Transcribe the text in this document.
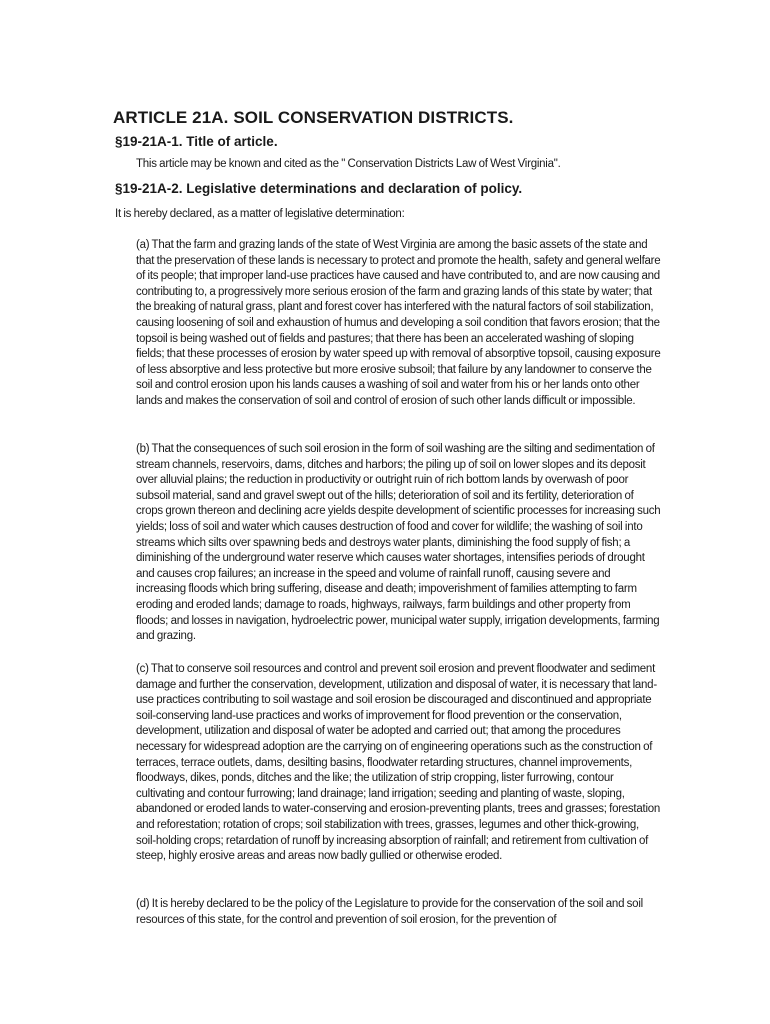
ARTICLE 21A. SOIL CONSERVATION DISTRICTS.
§19-21A-1. Title of article.

This article may be known and cited as the " Conservation Districts Law of West Virginia".

§19-21A-2. Legislative determinations and declaration of policy.

It is hereby declared, as a matter of legislative determination:

(a) That the farm and grazing lands of the state of West Virginia are among the basic assets of the state and that the preservation of these lands is necessary to protect and promote the health, safety and general welfare of its people; that improper land-use practices have caused and have contributed to, and are now causing and contributing to, a progressively more serious erosion of the farm and grazing lands of this state by water; that the breaking of natural grass, plant and forest cover has interfered with the natural factors of soil stabilization, causing loosening of soil and exhaustion of humus and developing a soil condition that favors erosion; that the topsoil is being washed out of fields and pastures; that there has been an accelerated washing of sloping fields; that these processes of erosion by water speed up with removal of absorptive topsoil, causing exposure of less absorptive and less protective but more erosive subsoil; that failure by any landowner to conserve the soil and control erosion upon his lands causes a washing of soil and water from his or her lands onto other lands and makes the conservation of soil and control of erosion of such other lands difficult or impossible.

(b) That the consequences of such soil erosion in the form of soil washing are the silting and sedimentation of stream channels, reservoirs, dams, ditches and harbors; the piling up of soil on lower slopes and its deposit over alluvial plains; the reduction in productivity or outright ruin of rich bottom lands by overwash of poor subsoil material, sand and gravel swept out of the hills; deterioration of soil and its fertility, deterioration of crops grown thereon and declining acre yields despite development of scientific processes for increasing such yields; loss of soil and water which causes destruction of food and cover for wildlife; the washing of soil into streams which silts over spawning beds and destroys water plants, diminishing the food supply of fish; a diminishing of the underground water reserve which causes water shortages, intensifies periods of drought and causes crop failures; an increase in the speed and volume of rainfall runoff, causing severe and increasing floods which bring suffering, disease and death; impoverishment of families attempting to farm eroding and eroded lands; damage to roads, highways, railways, farm buildings and other property from floods; and losses in navigation, hydroelectric power, municipal water supply, irrigation developments, farming and grazing.

(c) That to conserve soil resources and control and prevent soil erosion and prevent floodwater and sediment damage and further the conservation, development, utilization and disposal of water, it is necessary that land-use practices contributing to soil wastage and soil erosion be discouraged and discontinued and appropriate soil-conserving land-use practices and works of improvement for flood prevention or the conservation, development, utilization and disposal of water be adopted and carried out; that among the procedures necessary for widespread adoption are the carrying on of engineering operations such as the construction of terraces, terrace outlets, dams, desilting basins, floodwater retarding structures, channel improvements, floodways, dikes, ponds, ditches and the like; the utilization of strip cropping, lister furrowing, contour cultivating and contour furrowing; land drainage; land irrigation; seeding and planting of waste, sloping, abandoned or eroded lands to water-conserving and erosion-preventing plants, trees and grasses; forestation and reforestation; rotation of crops; soil stabilization with trees, grasses, legumes and other thick-growing, soil-holding crops; retardation of runoff by increasing absorption of rainfall; and retirement from cultivation of steep, highly erosive areas and areas now badly gullied or otherwise eroded.

(d) It is hereby declared to be the policy of the Legislature to provide for the conservation of the soil and soil resources of this state, for the control and prevention of soil erosion, for the prevention of
